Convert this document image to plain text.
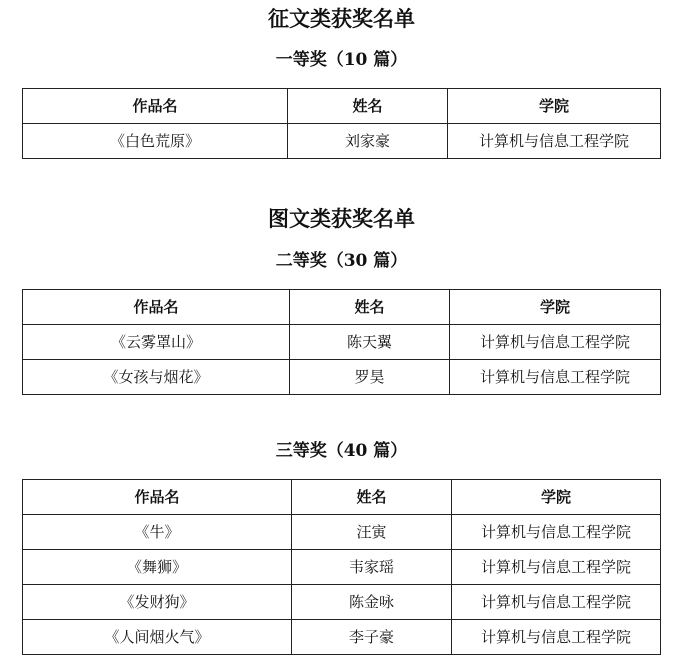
征文类获奖名单
一等奖（10 篇）
作品名	姓名	学院
《白色荒原》	刘家豪	计算机与信息工程学院
图文类获奖名单
二等奖（30 篇）
作品名	姓名	学院
《云雾罩山》	陈天翼	计算机与信息工程学院
《女孩与烟花》	罗昊	计算机与信息工程学院
三等奖（40 篇）
作品名	姓名	学院
《牛》	汪寅	计算机与信息工程学院
《舞狮》	韦家瑶	计算机与信息工程学院
《发财狗》	陈金咏	计算机与信息工程学院
《人间烟火气》	李子豪	计算机与信息工程学院
